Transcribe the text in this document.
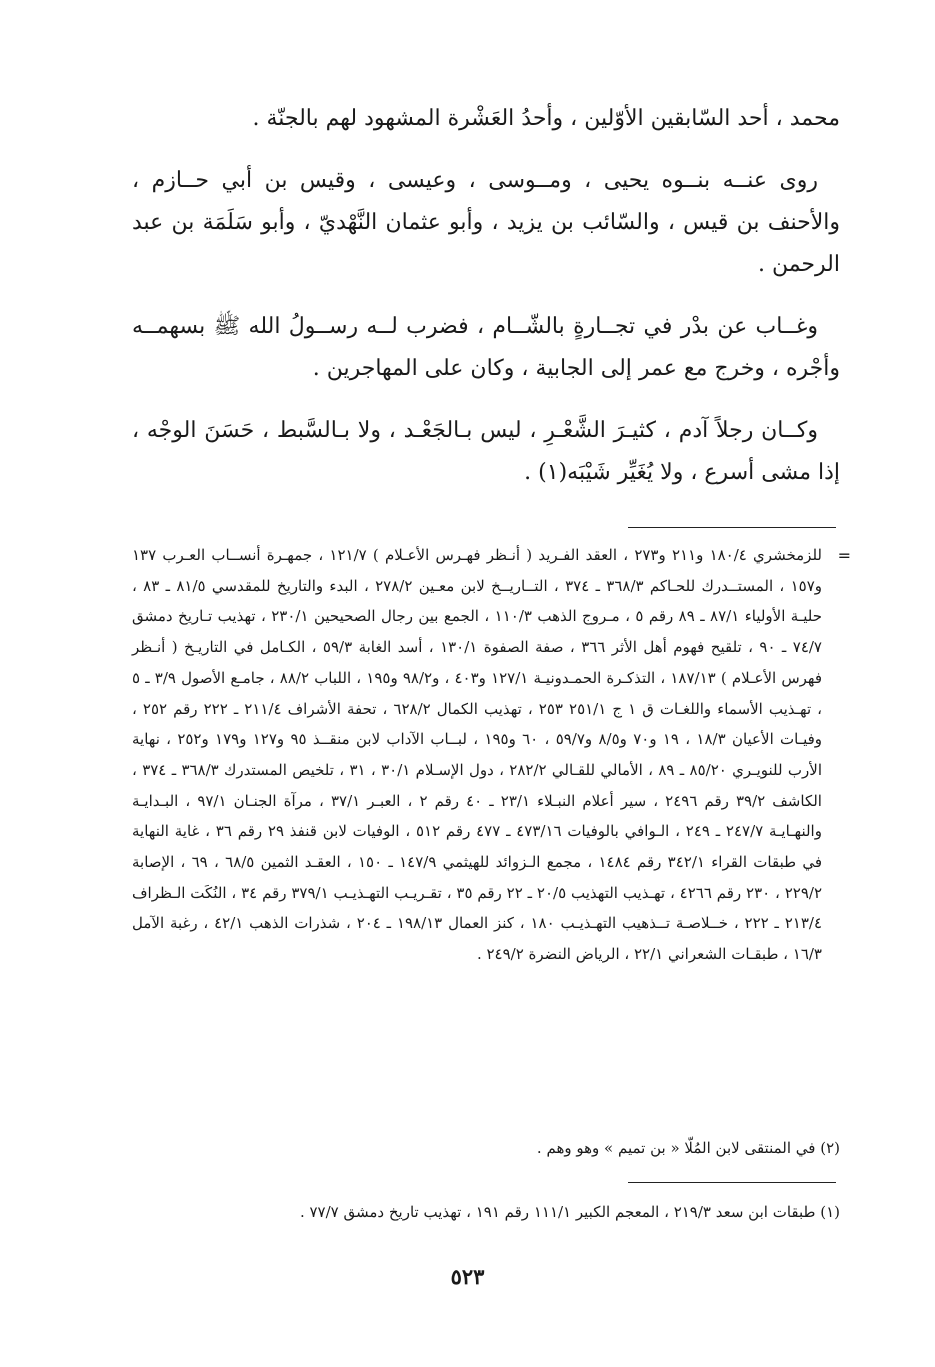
محمد ، أحد السّابقين الأوّلين ، وأحدُ العَشْرة المشهود لهم بالجنّة .

روى عنــه بنــوه يحيى ، ومــوسى ، وعيسى ، وقيس بن أبي حــازم ، والأحنف بن قيس ، والسّائب بن يزيد ، وأبو عثمان النَّهْديّ ، وأبو سَلَمَة بن عبد الرحمن .

وغــاب عن بدْر في تجــارةٍ بالشّــام ، فضرب لــه رســولُ الله ﷺ بسهمــه وأجْره ، وخرج مع عمر إلى الجابية ، وكان على المهاجرين .

وكــان رجلاً آدم ، كثيـرَ الشَّعْـرِ ، ليس بـالجَعْـد ، ولا بـالسَّبط ، حَسَنَ الوجْه ، إذا مشى أسرع ، ولا يُغَيِّر شَيْبَه(١) .

=
للزمخشري ١٨٠/٤ و٢١١ و٢٧٣ ، العقد الفـريد ( أنـظر فهـرس الأعـلام ) ١٢١/٧ ، جمهـرة أنســاب العـرب ١٣٧ و١٥٧ ، المستــدرك للحـاكم ٣٦٨/٣ ـ ٣٧٤ ، التــاريــخ لابن معـين ٢٧٨/٢ ، البدء والتاريخ للمقدسي ٨١/٥ ـ ٨٣ ، حليـة الأولياء ٨٧/١ ـ ٨٩ رقم ٥ ، مـروج الذهب ١١٠/٣ ، الجمع بين رجال الصحيحين ٢٣٠/١ ، تهذيب تـاريخ دمشق ٧٤/٧ ـ ٩٠ ، تلقيح فهوم أهل الأثر ٣٦٦ ، صفة الصفوة ١٣٠/١ ، أسد الغابة ٥٩/٣ ، الكـامل في التاريـخ ( أنـظر فهرس الأعـلام ) ١٨٧/١٣ ، التذكـرة الحمـدونيـة ١٢٧/١ و٤٠٣ ، و٩٨/٢ و١٩٥ ، اللباب ٨٨/٢ ، جامـع الأصول ٣/٩ ـ ٥ ، تهـذيب الأسماء واللغـات ق ١ ج ٢٥١/١ ٢٥٣ ، تهذيب الكمال ٦٢٨/٢ ، تحفة الأشراف ٢١١/٤ ـ ٢٢٢ رقم ٢٥٢ ، وفيـات الأعيان ١٨/٣ ، ١٩ و٧٠ و٨/٥ و٥٩/٧ ، ٦٠ و١٩٥ ، لبــاب الآداب لابن منقــذ ٩٥ و١٢٧ و١٧٩ و٢٥٢ ، نهاية الأرب للنويـري ٨٥/٢٠ ـ ٨٩ ، الأمالي للقـالي ٢٨٢/٢ ، دول الإسـلام ٣٠/١ ، ٣١ ، تلخيص المستدرك ٣٦٨/٣ ـ ٣٧٤ ، الكاشف ٣٩/٢ رقم ٢٤٩٦ ، سير أعلام النبـلاء ٢٣/١ ـ ٤٠ رقم ٢ ، العبـر ٣٧/١ ، مرآة الجنـان ٩٧/١ ، البـدايـة والنهـايـة ٢٤٧/٧ ـ ٢٤٩ ، الـوافي بالوفيات ٤٧٣/١٦ ـ ٤٧٧ رقم ٥١٢ ، الوفيات لابن قنفذ ٢٩ رقم ٣٦ ، غاية النهاية في طبقات القراء ٣٤٢/١ رقم ١٤٨٤ ، مجمع الـزوائد للهيثمي ١٤٧/٩ ـ ١٥٠ ، العقـد الثمين ٦٨/٥ ، ٦٩ ، الإصابة ٢٢٩/٢ ، ٢٣٠ رقم ٤٢٦٦ ، تهـذيب التهذيب ٢٠/٥ ـ ٢٢ رقم ٣٥ ، تقـريـب التهـذيـب ٣٧٩/١ رقم ٣٤ ، النُكَت الـظراف ٢١٣/٤ ـ ٢٢٢ ، خــلاصـة تــذهيب التهـذيـب ١٨٠ ، كنز العمال ١٩٨/١٣ ـ ٢٠٤ ، شذرات الذهب ٤٢/١ ، رغبة الآمل ١٦/٣ ، طبقـات الشعراني ٢٢/١ ، الرياض النضرة ٢٤٩/٢ .
(٢) في المنتقى لابن المُلّا « بن تميم » وهو وهم .
(١) طبقات ابن سعد ٢١٩/٣ ، المعجم الكبير ١١١/١ رقم ١٩١ ، تهذيب تاريخ دمشق ٧٧/٧ .
٥٢٣
